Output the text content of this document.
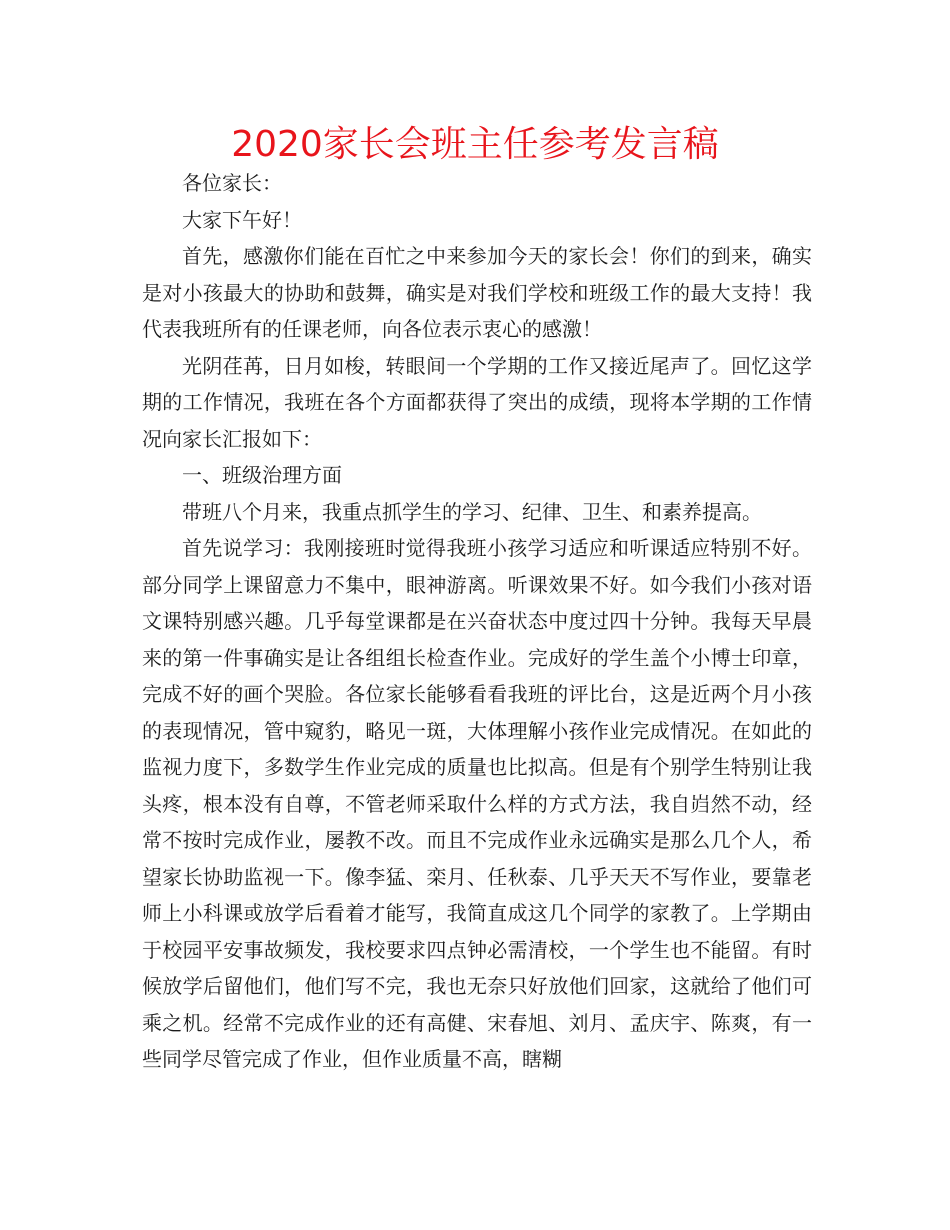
2020家长会班主任参考发言稿

各位家长：

大家下午好！

首先，感激你们能在百忙之中来参加今天的家长会！你们的到来，确实是对小孩最大的协助和鼓舞，确实是对我们学校和班级工作的最大支持！我代表我班所有的任课老师，向各位表示衷心的感激！

光阴荏苒，日月如梭，转眼间一个学期的工作又接近尾声了。回忆这学期的工作情况，我班在各个方面都获得了突出的成绩，现将本学期的工作情况向家长汇报如下：

一、班级治理方面

带班八个月来，我重点抓学生的学习、纪律、卫生、和素养提高。

首先说学习：我刚接班时觉得我班小孩学习适应和听课适应特别不好。部分同学上课留意力不集中，眼神游离。听课效果不好。如今我们小孩对语文课特别感兴趣。几乎每堂课都是在兴奋状态中度过四十分钟。我每天早晨来的第一件事确实是让各组组长检查作业。完成好的学生盖个小博士印章，完成不好的画个哭脸。各位家长能够看看我班的评比台，这是近两个月小孩的表现情况，管中窥豹，略见一斑，大体理解小孩作业完成情况。在如此的监视力度下，多数学生作业完成的质量也比拟高。但是有个别学生特别让我头疼，根本没有自尊，不管老师采取什么样的方式方法，我自岿然不动，经常不按时完成作业，屡教不改。而且不完成作业永远确实是那么几个人，希望家长协助监视一下。像李猛、栾月、任秋泰、几乎天天不写作业，要靠老师上小科课或放学后看着才能写，我简直成这几个同学的家教了。上学期由于校园平安事故频发，我校要求四点钟必需清校，一个学生也不能留。有时候放学后留他们，他们写不完，我也无奈只好放他们回家，这就给了他们可乘之机。经常不完成作业的还有高健、宋春旭、刘月、孟庆宇、陈爽，有一些同学尽管完成了作业，但作业质量不高，瞎糊
